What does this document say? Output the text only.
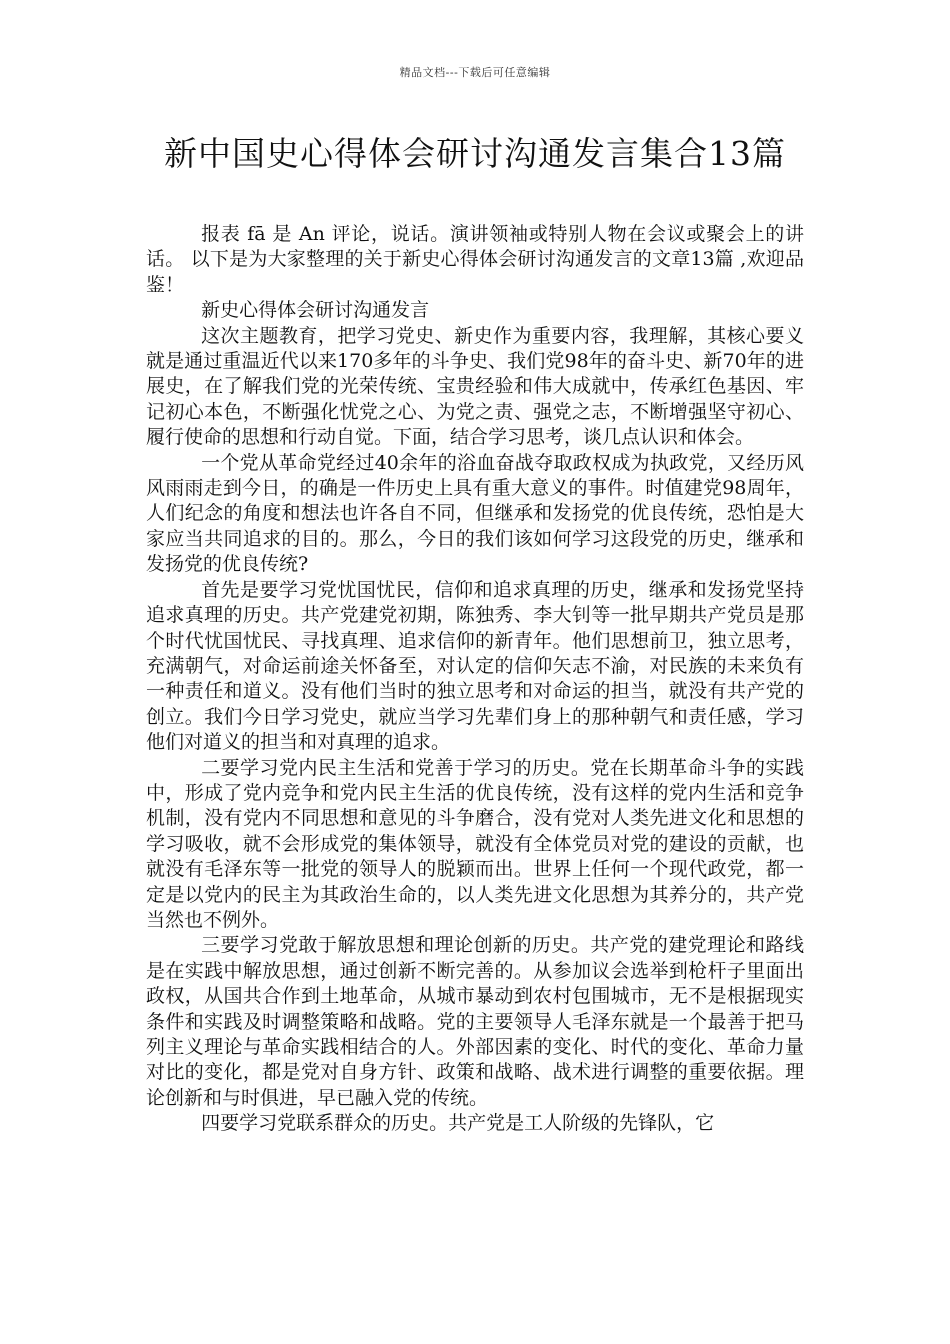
精品文档---下载后可任意编辑
新中国史心得体会研讨沟通发言集合13篇

报表 fā 是 An 评论，说话。演讲领袖或特别人物在会议或聚会上的讲话。 以下是为大家整理的关于新史心得体会研讨沟通发言的文章13篇 ,欢迎品鉴！

新史心得体会研讨沟通发言

这次主题教育，把学习党史、新史作为重要内容，我理解，其核心要义就是通过重温近代以来170多年的斗争史、我们党98年的奋斗史、新70年的进展史，在了解我们党的光荣传统、宝贵经验和伟大成就中，传承红色基因、牢记初心本色，不断强化忧党之心、为党之责、强党之志，不断增强坚守初心、履行使命的思想和行动自觉。下面，结合学习思考，谈几点认识和体会。

一个党从革命党经过40余年的浴血奋战夺取政权成为执政党，又经历风风雨雨走到今日，的确是一件历史上具有重大意义的事件。时值建党98周年，人们纪念的角度和想法也许各自不同，但继承和发扬党的优良传统，恐怕是大家应当共同追求的目的。那么，今日的我们该如何学习这段党的历史，继承和发扬党的优良传统?

首先是要学习党忧国忧民，信仰和追求真理的历史，继承和发扬党坚持追求真理的历史。共产党建党初期，陈独秀、李大钊等一批早期共产党员是那个时代忧国忧民、寻找真理、追求信仰的新青年。他们思想前卫，独立思考，充满朝气，对命运前途关怀备至，对认定的信仰矢志不渝，对民族的未来负有一种责任和道义。没有他们当时的独立思考和对命运的担当，就没有共产党的创立。我们今日学习党史，就应当学习先辈们身上的那种朝气和责任感，学习他们对道义的担当和对真理的追求。

二要学习党内民主生活和党善于学习的历史。党在长期革命斗争的实践中，形成了党内竞争和党内民主生活的优良传统，没有这样的党内生活和竞争机制，没有党内不同思想和意见的斗争磨合，没有党对人类先进文化和思想的学习吸收，就不会形成党的集体领导，就没有全体党员对党的建设的贡献，也就没有毛泽东等一批党的领导人的脱颖而出。世界上任何一个现代政党，都一定是以党内的民主为其政治生命的，以人类先进文化思想为其养分的，共产党当然也不例外。

三要学习党敢于解放思想和理论创新的历史。共产党的建党理论和路线是在实践中解放思想，通过创新不断完善的。从参加议会选举到枪杆子里面出政权，从国共合作到土地革命，从城市暴动到农村包围城市，无不是根据现实条件和实践及时调整策略和战略。党的主要领导人毛泽东就是一个最善于把马列主义理论与革命实践相结合的人。外部因素的变化、时代的变化、革命力量对比的变化，都是党对自身方针、政策和战略、战术进行调整的重要依据。理论创新和与时俱进，早已融入党的传统。

四要学习党联系群众的历史。共产党是工人阶级的先锋队，它
